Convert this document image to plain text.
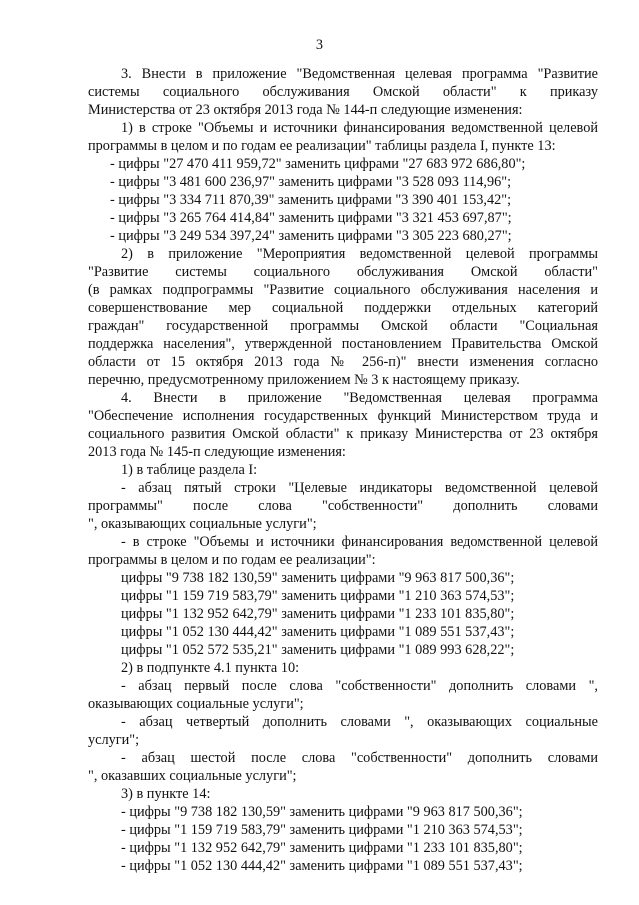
3
3. Внести в приложение "Ведомственная целевая программа "Развитие
системы социального обслуживания Омской области" к приказу
Министерства от 23 октября 2013 года № 144-п следующие изменения:
1) в строке "Объемы и источники финансирования ведомственной целевой
программы в целом и по годам ее реализации" таблицы раздела I, пункте 13:
- цифры "27 470 411 959,72" заменить цифрами "27 683 972 686,80";
- цифры "3 481 600 236,97" заменить цифрами "3 528 093 114,96";
- цифры "3 334 711 870,39" заменить цифрами "3 390 401 153,42";
- цифры "3 265 764 414,84" заменить цифрами "3 321 453 697,87";
- цифры "3 249 534 397,24" заменить цифрами "3 305 223 680,27";
2) в приложение "Мероприятия ведомственной целевой программы
"Развитие системы социального обслуживания Омской области"
(в рамках подпрограммы "Развитие социального обслуживания населения и
совершенствование мер социальной поддержки отдельных категорий
граждан" государственной программы Омской области "Социальная
поддержка населения", утвержденной постановлением Правительства Омской
области от 15 октября 2013 года № 256-п)" внести изменения согласно
перечню, предусмотренному приложением № 3 к настоящему приказу.
4. Внести в приложение "Ведомственная целевая программа
"Обеспечение исполнения государственных функций Министерством труда и
социального развития Омской области" к приказу Министерства от 23 октября
2013 года № 145-п следующие изменения:
1) в таблице раздела I:
- абзац пятый строки "Целевые индикаторы ведомственной целевой
программы" после слова "собственности" дополнить словами
", оказывающих социальные услуги";
- в строке "Объемы и источники финансирования ведомственной целевой
программы в целом и по годам ее реализации":
цифры "9 738 182 130,59" заменить цифрами "9 963 817 500,36";
цифры "1 159 719 583,79" заменить цифрами "1 210 363 574,53";
цифры "1 132 952 642,79" заменить цифрами "1 233 101 835,80";
цифры "1 052 130 444,42" заменить цифрами "1 089 551 537,43";
цифры "1 052 572 535,21" заменить цифрами "1 089 993 628,22";
2) в подпункте 4.1 пункта 10:
- абзац первый после слова "собственности" дополнить словами ",
оказывающих социальные услуги";
- абзац четвертый дополнить словами ", оказывающих социальные
услуги";
- абзац шестой после слова "собственности" дополнить словами
", оказавших социальные услуги";
3) в пункте 14:
- цифры "9 738 182 130,59" заменить цифрами "9 963 817 500,36";
- цифры "1 159 719 583,79" заменить цифрами "1 210 363 574,53";
- цифры "1 132 952 642,79" заменить цифрами "1 233 101 835,80";
- цифры "1 052 130 444,42" заменить цифрами "1 089 551 537,43";
